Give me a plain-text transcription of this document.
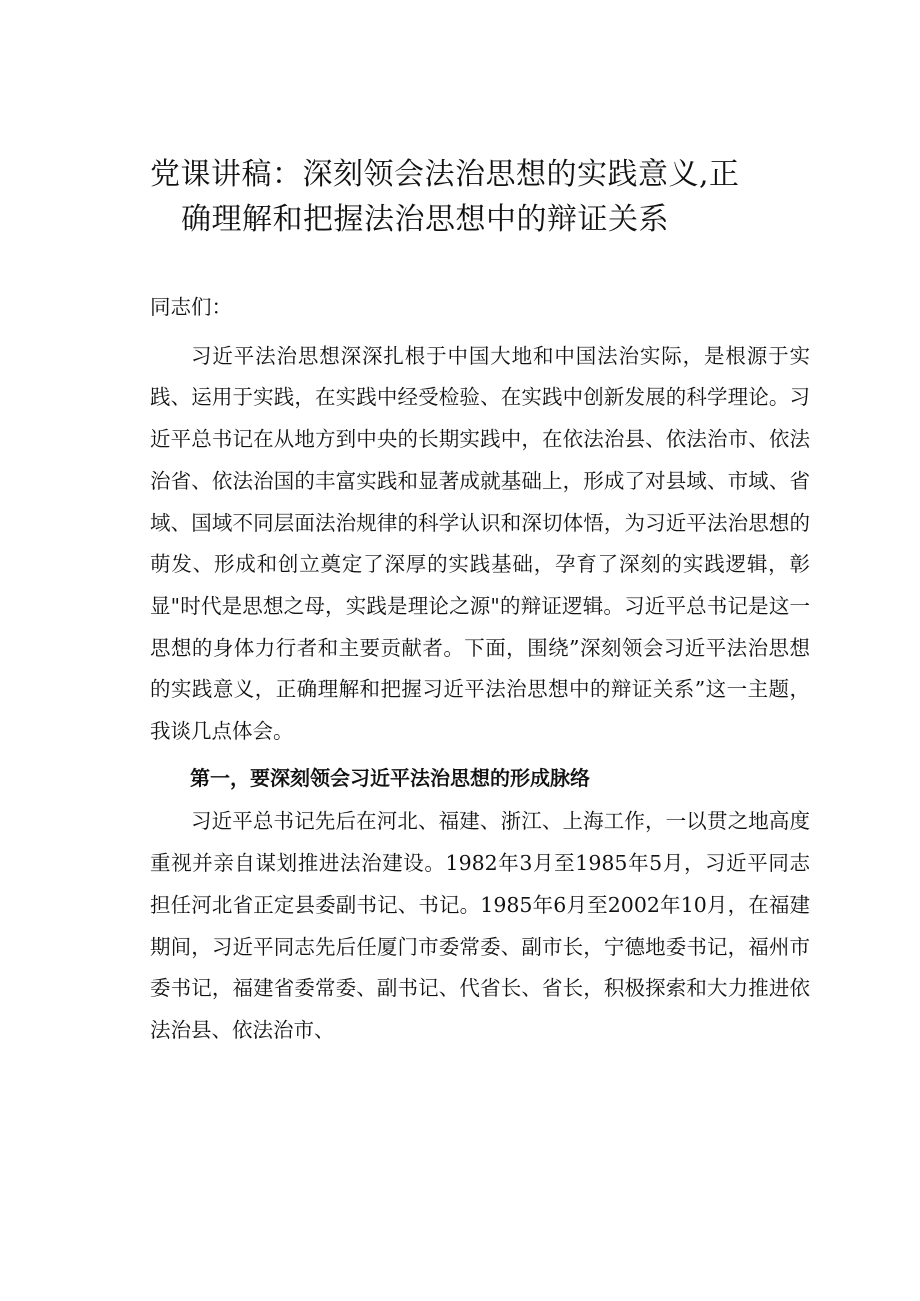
党课讲稿：深刻领会法治思想的实践意义,正
确理解和把握法治思想中的辩证关系

同志们：

习近平法治思想深深扎根于中国大地和中国法治实际，是根源于实践、运用于实践，在实践中经受检验、在实践中创新发展的科学理论。习近平总书记在从地方到中央的长期实践中，在依法治县、依法治市、依法治省、依法治国的丰富实践和显著成就基础上，形成了对县域、市域、省域、国域不同层面法治规律的科学认识和深切体悟，为习近平法治思想的萌发、形成和创立奠定了深厚的实践基础，孕育了深刻的实践逻辑，彰显"时代是思想之母，实践是理论之源"的辩证逻辑。习近平总书记是这一思想的身体力行者和主要贡献者。下面，围绕”深刻领会习近平法治思想的实践意义，正确理解和把握习近平法治思想中的辩证关系”这一主题，我谈几点体会。

第一，要深刻领会习近平法治思想的形成脉络

习近平总书记先后在河北、福建、浙江、上海工作，一以贯之地高度重视并亲自谋划推进法治建设。1982年3月至1985年5月，习近平同志担任河北省正定县委副书记、书记。1985年6月至2002年10月，在福建期间，习近平同志先后任厦门市委常委、副市长，宁德地委书记，福州市委书记，福建省委常委、副书记、代省长、省长，积极探索和大力推进依法治县、依法治市、
